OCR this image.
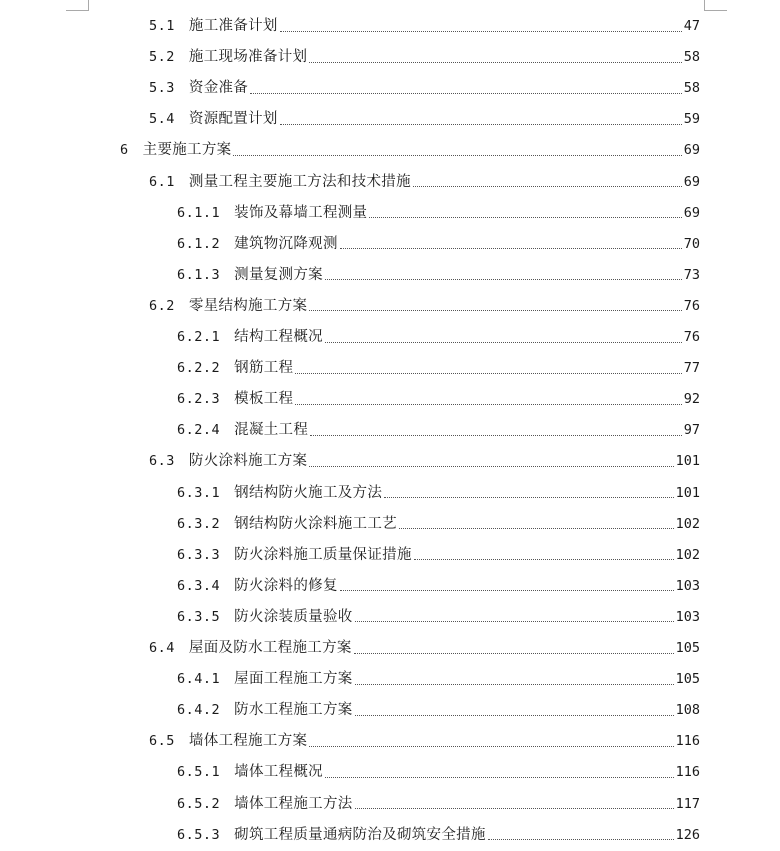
5.1 施工准备计划	47
5.2 施工现场准备计划	58
5.3 资金准备	58
5.4 资源配置计划	59
6 主要施工方案	69
6.1 测量工程主要施工方法和技术措施	69
6.1.1 装饰及幕墙工程测量	69
6.1.2 建筑物沉降观测	70
6.1.3 测量复测方案	73
6.2 零星结构施工方案	76
6.2.1 结构工程概况	76
6.2.2 钢筋工程	77
6.2.3 模板工程	92
6.2.4 混凝土工程	97
6.3 防火涂料施工方案	101
6.3.1 钢结构防火施工及方法	101
6.3.2 钢结构防火涂料施工工艺	102
6.3.3 防火涂料施工质量保证措施	102
6.3.4 防火涂料的修复	103
6.3.5 防火涂装质量验收	103
6.4 屋面及防水工程施工方案	105
6.4.1 屋面工程施工方案	105
6.4.2 防水工程施工方案	108
6.5 墙体工程施工方案	116
6.5.1 墙体工程概况	116
6.5.2 墙体工程施工方法	117
6.5.3 砌筑工程质量通病防治及砌筑安全措施	126
